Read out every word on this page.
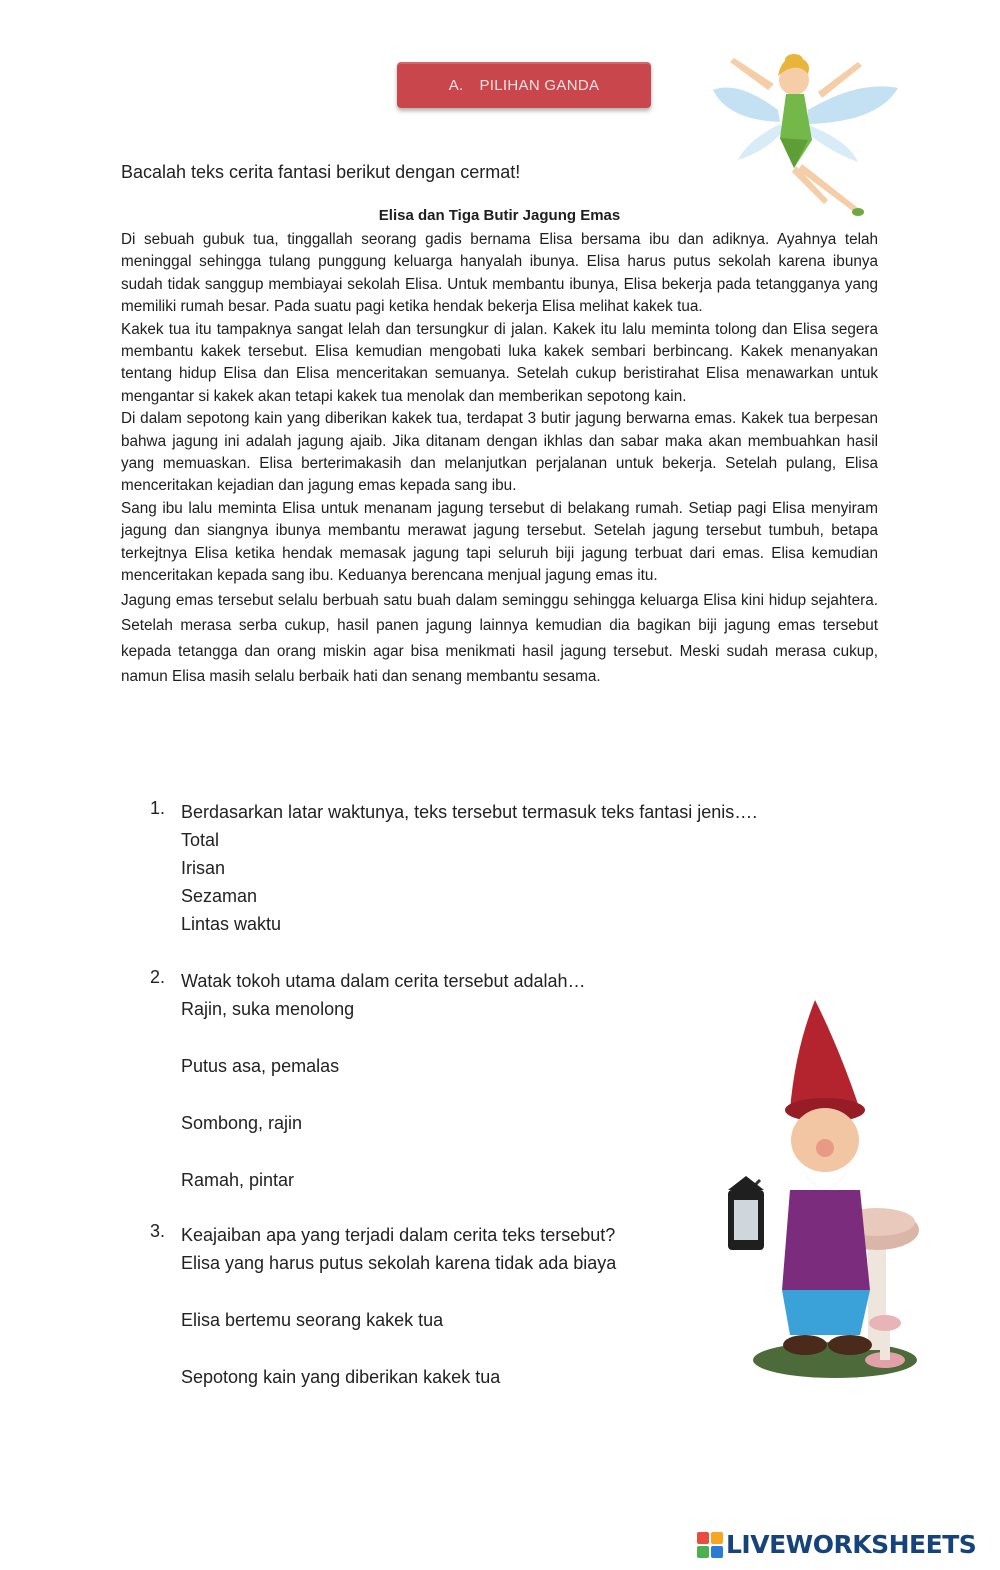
A. PILIHAN GANDA
Bacalah teks cerita fantasi berikut dengan cermat!
Elisa dan Tiga Butir Jagung Emas

Di sebuah gubuk tua, tinggallah seorang gadis bernama Elisa bersama ibu dan adiknya. Ayahnya telah meninggal sehingga tulang punggung keluarga hanyalah ibunya. Elisa harus putus sekolah karena ibunya sudah tidak sanggup membiayai sekolah Elisa. Untuk membantu ibunya, Elisa bekerja pada tetangganya yang memiliki rumah besar. Pada suatu pagi ketika hendak bekerja Elisa melihat kakek tua.

Kakek tua itu tampaknya sangat lelah dan tersungkur di jalan. Kakek itu lalu meminta tolong dan Elisa segera membantu kakek tersebut. Elisa kemudian mengobati luka kakek sembari berbincang. Kakek menanyakan tentang hidup Elisa dan Elisa menceritakan semuanya. Setelah cukup beristirahat Elisa menawarkan untuk mengantar si kakek akan tetapi kakek tua menolak dan memberikan sepotong kain.

Di dalam sepotong kain yang diberikan kakek tua, terdapat 3 butir jagung berwarna emas. Kakek tua berpesan bahwa jagung ini adalah jagung ajaib. Jika ditanam dengan ikhlas dan sabar maka akan membuahkan hasil yang memuaskan. Elisa berterimakasih dan melanjutkan perjalanan untuk bekerja. Setelah pulang, Elisa menceritakan kejadian dan jagung emas kepada sang ibu.

Sang ibu lalu meminta Elisa untuk menanam jagung tersebut di belakang rumah. Setiap pagi Elisa menyiram jagung dan siangnya ibunya membantu merawat jagung tersebut. Setelah jagung tersebut tumbuh, betapa terkejtnya Elisa ketika hendak memasak jagung tapi seluruh biji jagung terbuat dari emas. Elisa kemudian menceritakan kepada sang ibu. Keduanya berencana menjual jagung emas itu.

Jagung emas tersebut selalu berbuah satu buah dalam seminggu sehingga keluarga Elisa kini hidup sejahtera. Setelah merasa serba cukup, hasil panen jagung lainnya kemudian dia bagikan biji jagung emas tersebut kepada tetangga dan orang miskin agar bisa menikmati hasil jagung tersebut. Meski sudah merasa cukup, namun Elisa masih selalu berbaik hati dan senang membantu sesama.

1. Berdasarkan latar waktunya, teks tersebut termasuk teks fantasi jenis….
Total
Irisan
Sezaman
Lintas waktu
2. Watak tokoh utama dalam cerita tersebut adalah…
Rajin, suka menolong
Putus asa, pemalas
Sombong, rajin
Ramah, pintar
3. Keajaiban apa yang terjadi dalam cerita teks tersebut?
Elisa yang harus putus sekolah karena tidak ada biaya
Elisa bertemu seorang kakek tua
Sepotong kain yang diberikan kakek tua
LIVEWORKSHEETS
